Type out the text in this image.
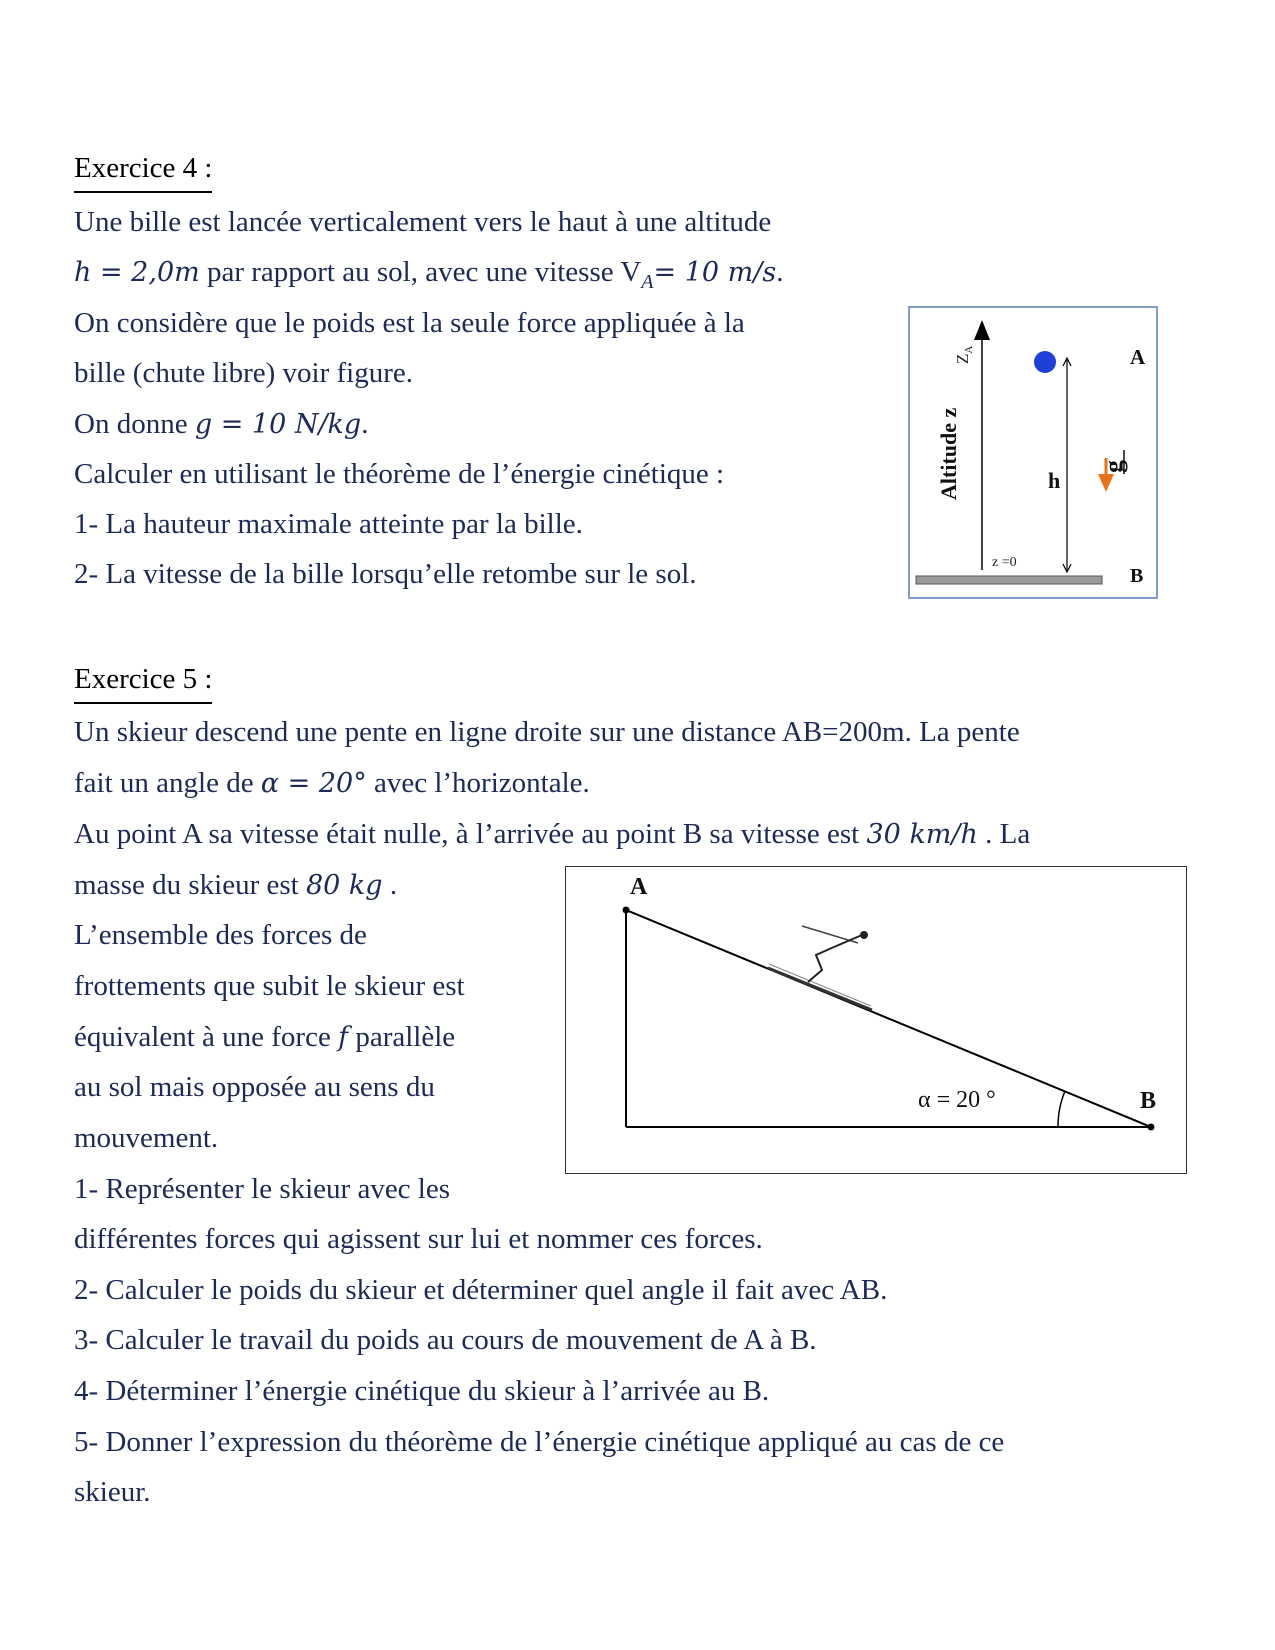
Exercice 4 :
Une bille est lancée verticalement vers le haut à une altitude
h = 2,0m par rapport au sol, avec une vitesse $V_A= 10$ m/s.
On considère que le poids est la seule force appliquée à la
bille (chute libre) voir figure.
On donne g = 10 N/kg.
Calculer en utilisant le théorème de l’énergie cinétique :
1- La hauteur maximale atteinte par la bille.
2- La vitesse de la bille lorsqu’elle retombe sur le sol.
$Z_A$
Altitude z	h
A
g
z =0
B
Exercice 5 :
Un skieur descend une pente en ligne droite sur une distance AB=200m. La pente
fait un angle de α = 20° avec l’horizontale.
Au point A sa vitesse était nulle, à l’arrivée au point B sa vitesse est 30 km/h . La
masse du skieur est 80 kg .
L’ensemble des forces de
frottements que subit le skieur est
équivalent à une force f parallèle
au sol mais opposée au sens du
mouvement.
1- Représenter le skieur avec les
différentes forces qui agissent sur lui et nommer ces forces.
2- Calculer le poids du skieur et déterminer quel angle il fait avec AB.
3- Calculer le travail du poids au cours de mouvement de A à B.
4- Déterminer l’énergie cinétique du skieur à l’arrivée au B.
5- Donner l’expression du théorème de l’énergie cinétique appliqué au cas de ce
skieur.
A
B
α = 20 °
